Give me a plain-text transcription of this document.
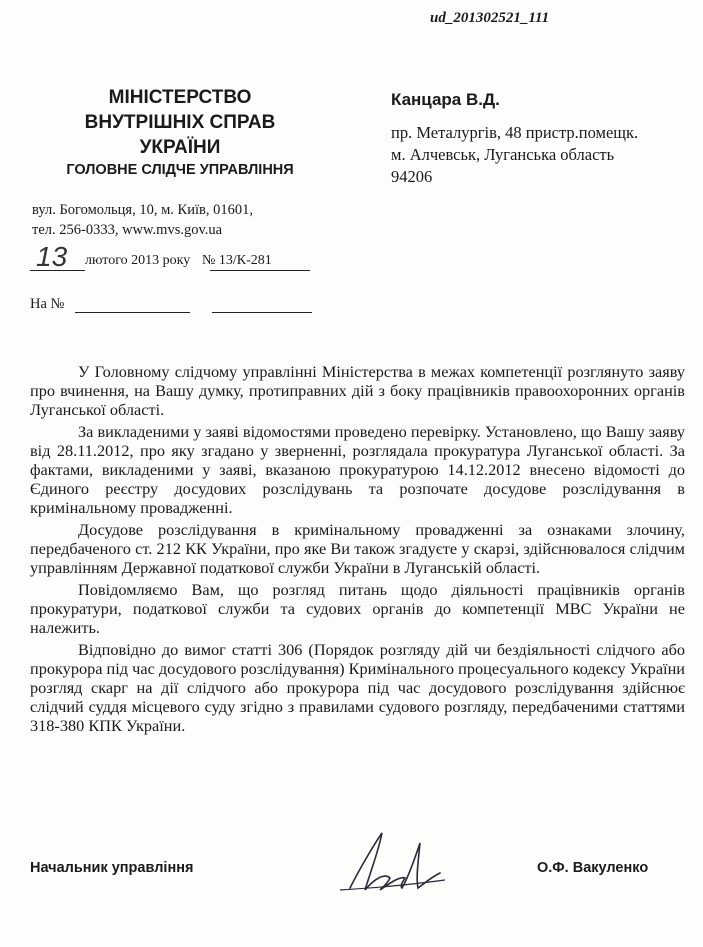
ud_201302521_111
МІНІСТЕРСТВО
ВНУТРІШНІХ СПРАВ
УКРАЇНИ
ГОЛОВНЕ СЛІДЧЕ УПРАВЛІННЯ
вул. Богомольця, 10, м. Київ, 01601,
тел. 256-0333, www.mvs.gov.ua
13 лютого 2013 року № 13/К-281
На №
Канцара В.Д.
пр. Металургів, 48 пристр.помещк.
м. Алчевськ, Луганська область
94206

У Головному слідчому управлінні Міністерства в межах компетенції розглянуто заяву про вчинення, на Вашу думку, протиправних дій з боку працівників правоохоронних органів Луганської області.

За викладеними у заяві відомостями проведено перевірку. Установлено, що Вашу заяву від 28.11.2012, про яку згадано у зверненні, розглядала прокуратура Луганської області. За фактами, викладеними у заяві, вказаною прокуратурою 14.12.2012 внесено відомості до Єдиного реєстру досудових розслідувань та розпочате досудове розслідування в кримінальному провадженні.

Досудове розслідування в кримінальному провадженні за ознаками злочину, передбаченого ст. 212 КК України, про яке Ви також згадуєте у скарзі, здійснювалося слідчим управлінням Державної податкової служби України в Луганській області.

Повідомляємо Вам, що розгляд питань щодо діяльності працівників органів прокуратури, податкової служби та судових органів до компетенції МВС України не належить.

Відповідно до вимог статті 306 (Порядок розгляду дій чи бездіяльності слідчого або прокурора під час досудового розслідування) Кримінального процесуального кодексу України розгляд скарг на дії слідчого або прокурора під час досудового розслідування здійснює слідчий суддя місцевого суду згідно з правилами судового розгляду, передбаченими статтями 318-380 КПК України.

Начальник управління	О.Ф. Вакуленко
